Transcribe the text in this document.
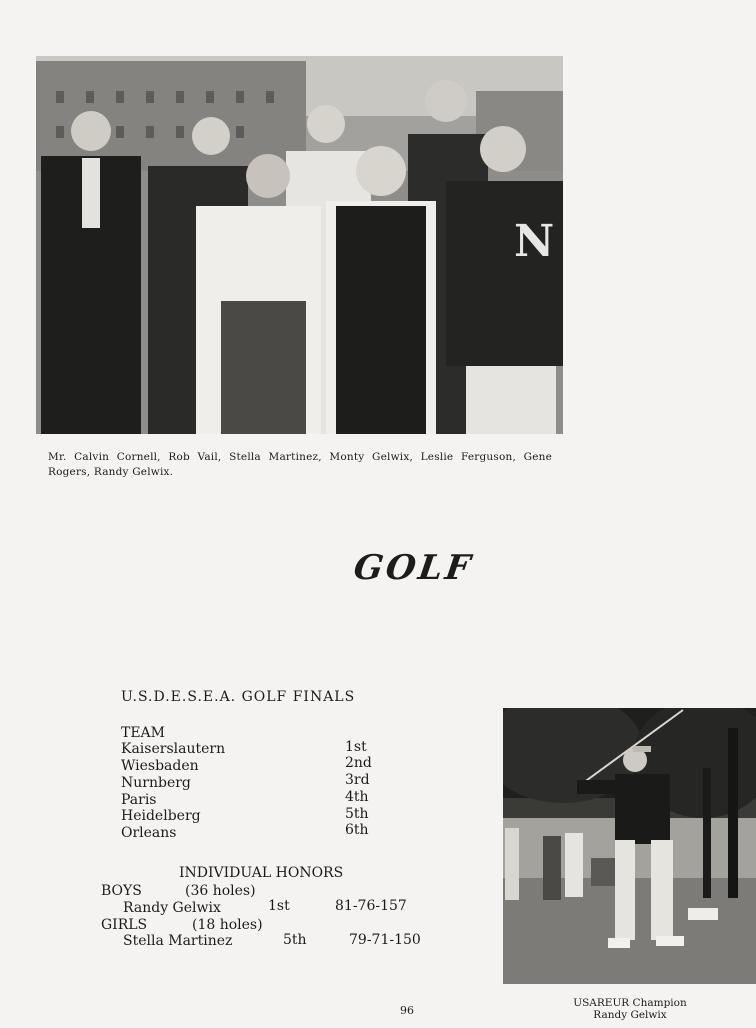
N
Mr. Calvin Cornell, Rob Vail, Stella Martinez, Monty Gelwix, Leslie Ferguson, Gene Rogers, Randy Gelwix.
GOLF
U.S.D.E.S.E.A. GOLF FINALS
TEAM
Kaiserslautern	1st
Wiesbaden	2nd
Nurnberg	3rd
Paris	4th
Heidelberg	5th
Orleans	6th
INDIVIDUAL HONORS
BOYS	(36 holes)
Randy Gelwix	1st	81-76-157
GIRLS	(18 holes)
Stella Martinez	5th	79-71-150
USAREUR Champion
Randy Gelwix
96
